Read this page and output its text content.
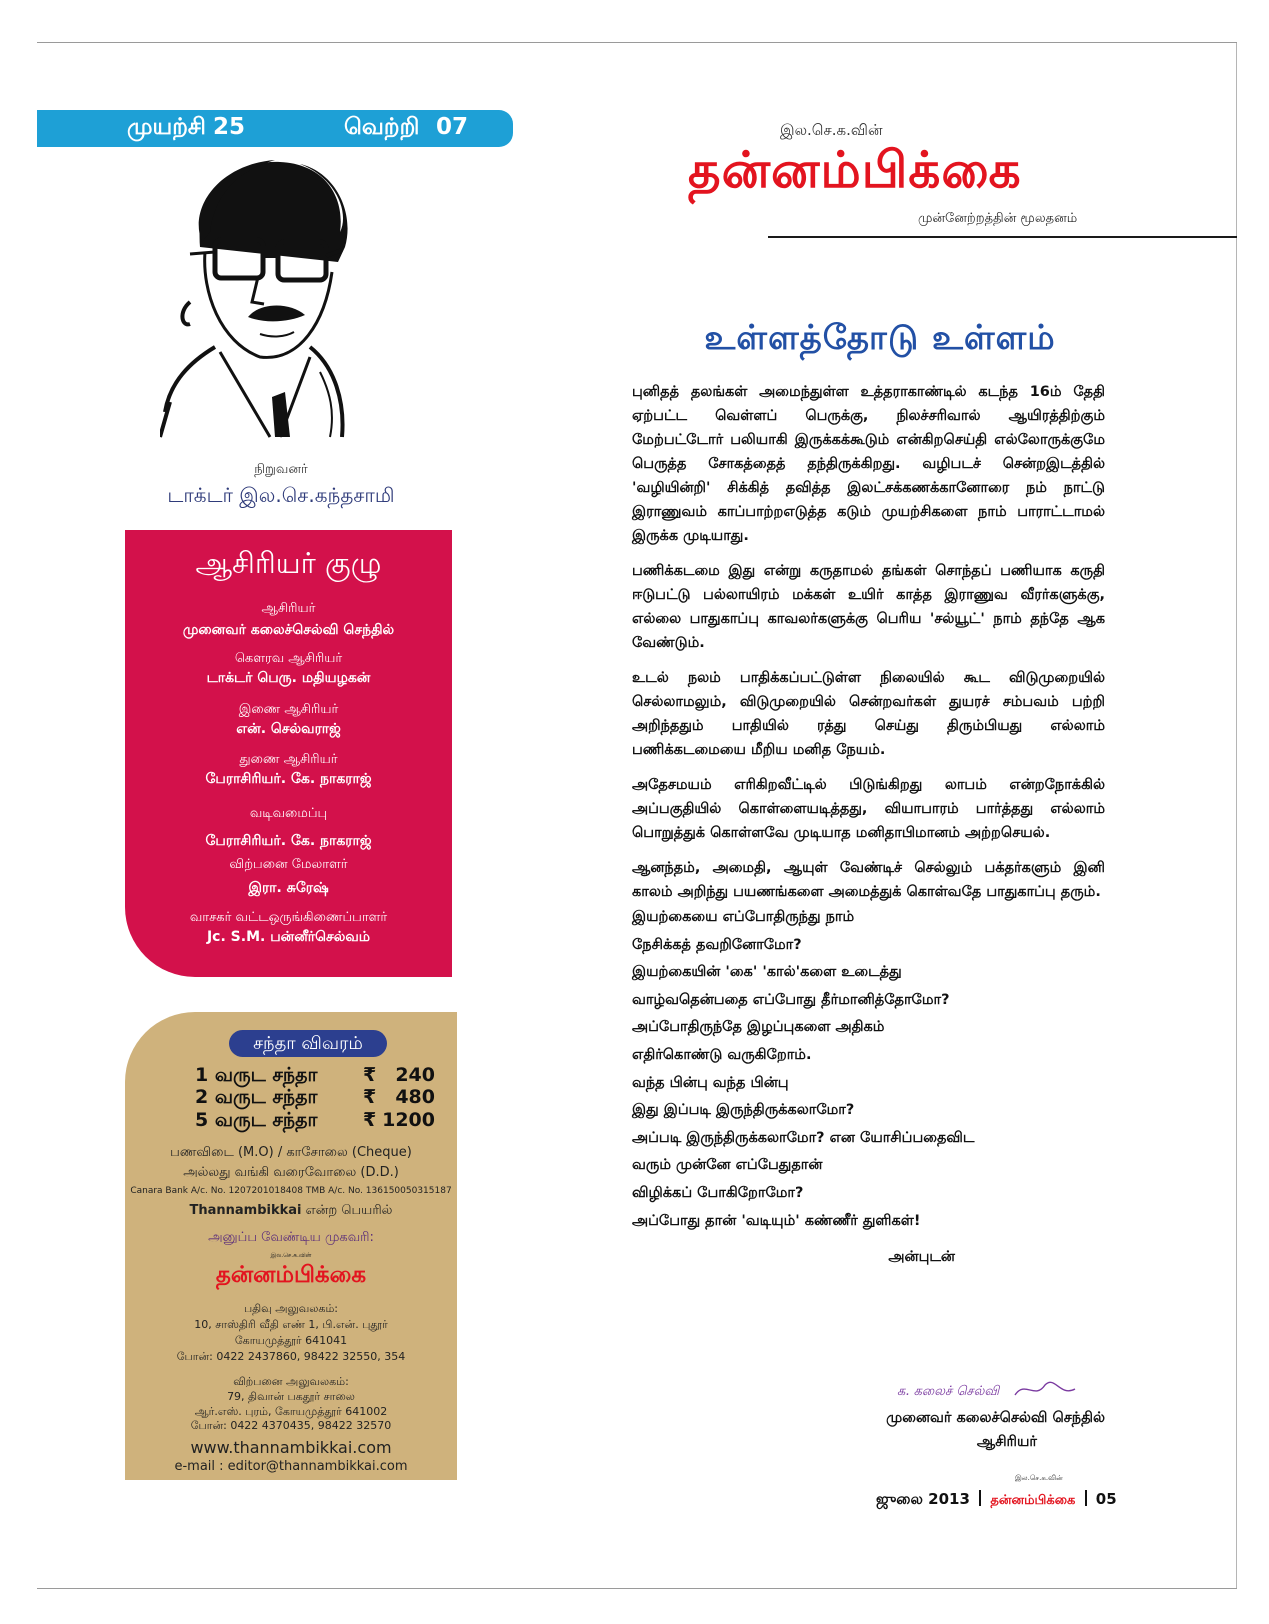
முயற்சி 25	வெற்றி 07
நிறுவனர்
டாக்டர் இல.செ.கந்தசாமி
ஆசிரியர் குழு
ஆசிரியர்
முனைவர் கலைச்செல்வி செந்தில்
கௌரவ ஆசிரியர்
டாக்டர் பெரு. மதியழகன்
இணை ஆசிரியர்
என். செல்வராஜ்
துணை ஆசிரியர்
பேராசிரியர். கே. நாகராஜ்
வடிவமைப்பு
பேராசிரியர். கே. நாகராஜ்
விற்பனை மேலாளர்
இரா. சுரேஷ்
வாசகர் வட்டஒருங்கிணைப்பாளர்
Jc. S.M. பன்னீர்செல்வம்
சந்தா விவரம்
1 வருட சந்தா ₹ 240
2 வருட சந்தா ₹ 480
5 வருட சந்தா ₹ 1200
பணவிடை (M.O) / காசோலை (Cheque)
அல்லது வங்கி வரைவோலை (D.D.)
Canara Bank A/c. No. 1207201018408 TMB A/c. No. 136150050315187
Thannambikkai என்ற பெயரில்
அனுப்ப வேண்டிய முகவரி:
இல.செ.க.வின்
தன்னம்பிக்கை
பதிவு அலுவலகம்:
10, சாஸ்திரி வீதி எண் 1, பி.என். புதூர்
கோயமுத்தூர் 641041
போன்: 0422 2437860, 98422 32550, 354
விற்பனை அலுவலகம்:
79, திவான் பகதூர் சாலை
ஆர்.எஸ். புரம், கோயமுத்தூர் 641002
போன்: 0422 4370435, 98422 32570
www.thannambikkai.com
e-mail : editor@thannambikkai.com
இல.செ.க.வின்
தன்னம்பிக்கை
முன்னேற்றத்தின் மூலதனம்
உள்ளத்தோடு உள்ளம்

புனிதத் தலங்கள் அமைந்துள்ள உத்தராகாண்டில் கடந்த 16ம் தேதி ஏற்பட்ட வெள்ளப் பெருக்கு, நிலச்சரிவால் ஆயிரத்திற்கும் மேற்பட்டோர் பலியாகி இருக்கக்கூடும் என்கிறசெய்தி எல்லோருக்குமே பெருத்த சோகத்தைத் தந்திருக்கிறது. வழிபடச் சென்றஇடத்தில் 'வழியின்றி' சிக்கித் தவித்த இலட்சக்கணக்கானோரை நம் நாட்டு இராணுவம் காப்பாற்றஎடுத்த கடும் முயற்சிகளை நாம் பாராட்டாமல் இருக்க முடியாது.

பணிக்கடமை இது என்று கருதாமல் தங்கள் சொந்தப் பணியாக கருதி ஈடுபட்டு பல்லாயிரம் மக்கள் உயிர் காத்த இராணுவ வீரர்களுக்கு, எல்லை பாதுகாப்பு காவலர்களுக்கு பெரிய 'சல்யூட்' நாம் தந்தே ஆக வேண்டும்.

உடல் நலம் பாதிக்கப்பட்டுள்ள நிலையில் கூட விடுமுறையில் செல்லாமலும், விடுமுறையில் சென்றவர்கள் துயரச் சம்பவம் பற்றி அறிந்ததும் பாதியில் ரத்து செய்து திரும்பியது எல்லாம் பணிக்கடமையை மீறிய மனித நேயம்.

அதேசமயம் எரிகிறவீட்டில் பிடுங்கிறது லாபம் என்றநோக்கில் அப்பகுதியில் கொள்ளையடித்தது, வியாபாரம் பார்த்தது எல்லாம் பொறுத்துக் கொள்ளவே முடியாத மனிதாபிமானம் அற்றசெயல்.

ஆனந்தம், அமைதி, ஆயுள் வேண்டிச் செல்லும் பக்தர்களும் இனி காலம் அறிந்து பயணங்களை அமைத்துக் கொள்வதே பாதுகாப்பு தரும்.

இயற்கையை எப்போதிருந்து நாம்

நேசிக்கத் தவறினோமோ?

இயற்கையின் 'கை' 'கால்'களை உடைத்து

வாழ்வதென்பதை எப்போது தீர்மானித்தோமோ?

அப்போதிருந்தே இழப்புகளை அதிகம்

எதிர்கொண்டு வருகிறோம்.

வந்த பின்பு வந்த பின்பு

இது இப்படி இருந்திருக்கலாமோ?

அப்படி இருந்திருக்கலாமோ? என யோசிப்பதைவிட

வரும் முன்னே எப்பேதுதான்

விழிக்கப் போகிறோமோ?

அப்போது தான் 'வடியும்' கண்ணீர் துளிகள்!

அன்புடன்

க. கலைச் செல்வி
முனைவர் கலைச்செல்வி செந்தில்
ஆசிரியர்
இல.செ.க.வின்
ஜுலை 2013 தன்னம்பிக்கை 05
